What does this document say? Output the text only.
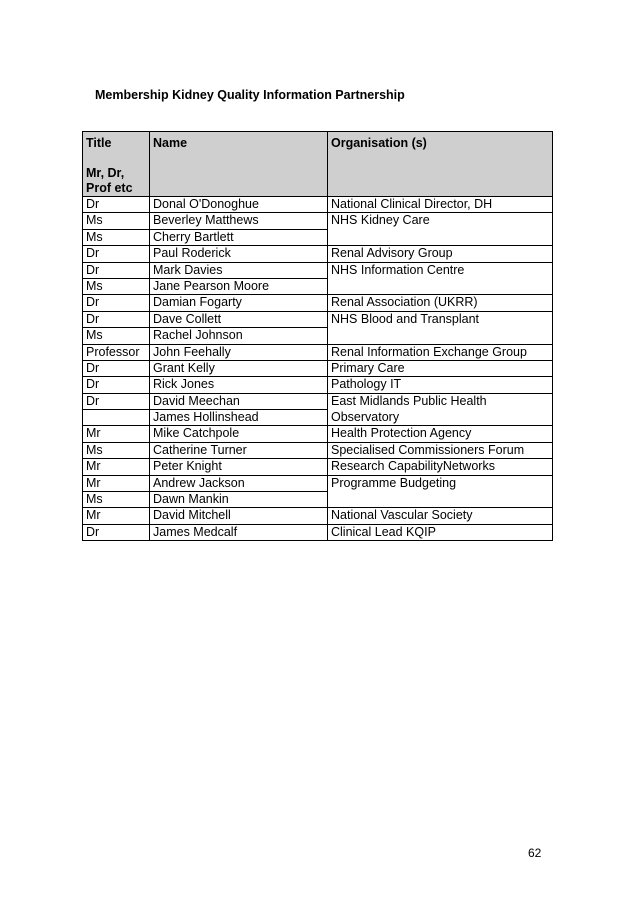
Membership Kidney Quality Information Partnership
Title
Mr, Dr,
Prof etc	Name	Organisation (s)
Dr	Donal O'Donoghue	National Clinical Director, DH
Ms	Beverley Matthews	NHS Kidney Care
Ms	Cherry Bartlett	
Dr	Paul Roderick	Renal Advisory Group
Dr	Mark Davies	NHS Information Centre
Ms	Jane Pearson Moore	
Dr	Damian Fogarty	Renal Association (UKRR)
Dr	Dave Collett	NHS Blood and Transplant
Ms	Rachel Johnson	
Professor	John Feehally	Renal Information Exchange Group
Dr	Grant Kelly	Primary Care
Dr	Rick Jones	Pathology IT
Dr	David Meechan	East Midlands Public Health
	James Hollinshead	Observatory
Mr	Mike Catchpole	Health Protection Agency
Ms	Catherine Turner	Specialised Commissioners Forum
Mr	Peter Knight	Research CapabilityNetworks
Mr	Andrew Jackson	Programme Budgeting
Ms	Dawn Mankin	
Mr	David Mitchell	National Vascular Society
Dr	James Medcalf	Clinical Lead KQIP
62
